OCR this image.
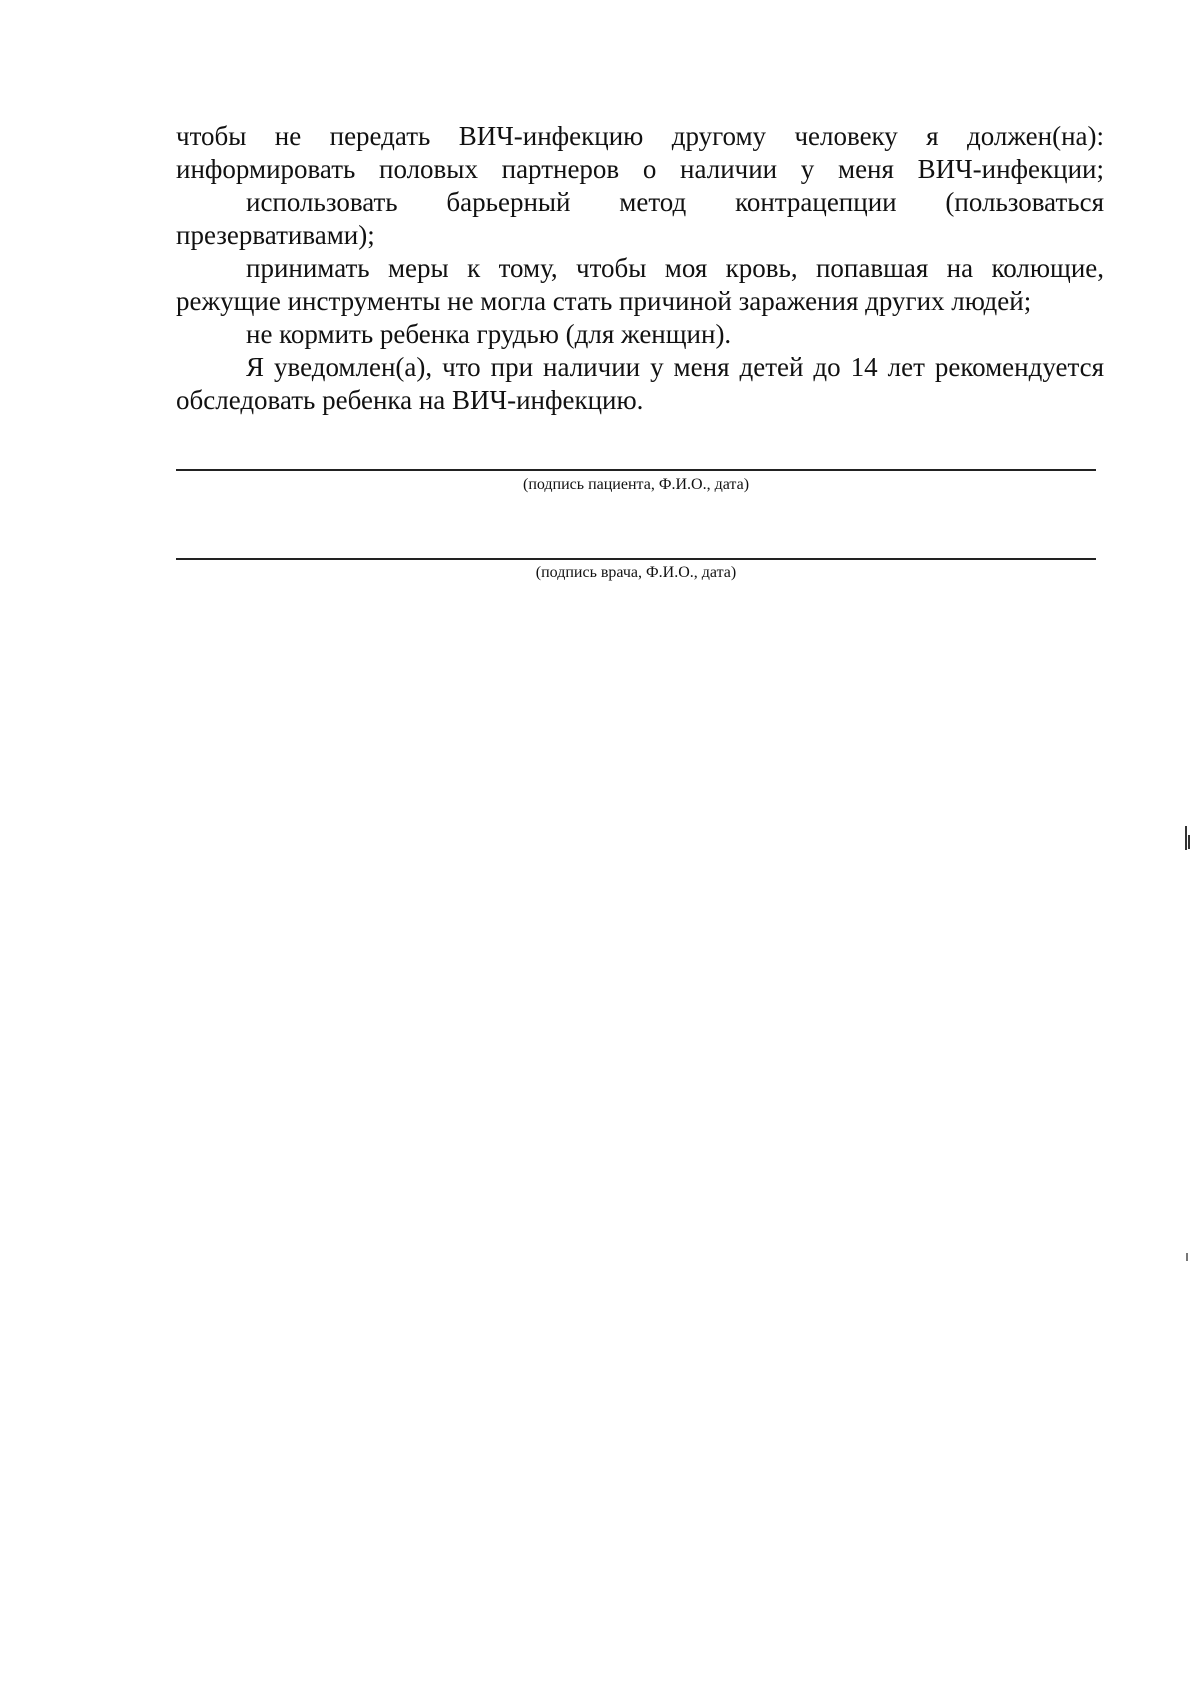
чтобы не передать ВИЧ-инфекцию другому человеку я должен(на): информировать половых партнеров о наличии у меня ВИЧ-инфекции;

использовать барьерный метод контрацепции (пользоваться презервативами);

принимать меры к тому, чтобы моя кровь, попавшая на колющие, режущие инструменты не могла стать причиной заражения других людей;

не кормить ребенка грудью (для женщин).

Я уведомлен(а), что при наличии у меня детей до 14 лет рекомендуется обследовать ребенка на ВИЧ-инфекцию.

(подпись пациента, Ф.И.О., дата)
(подпись врача, Ф.И.О., дата)
